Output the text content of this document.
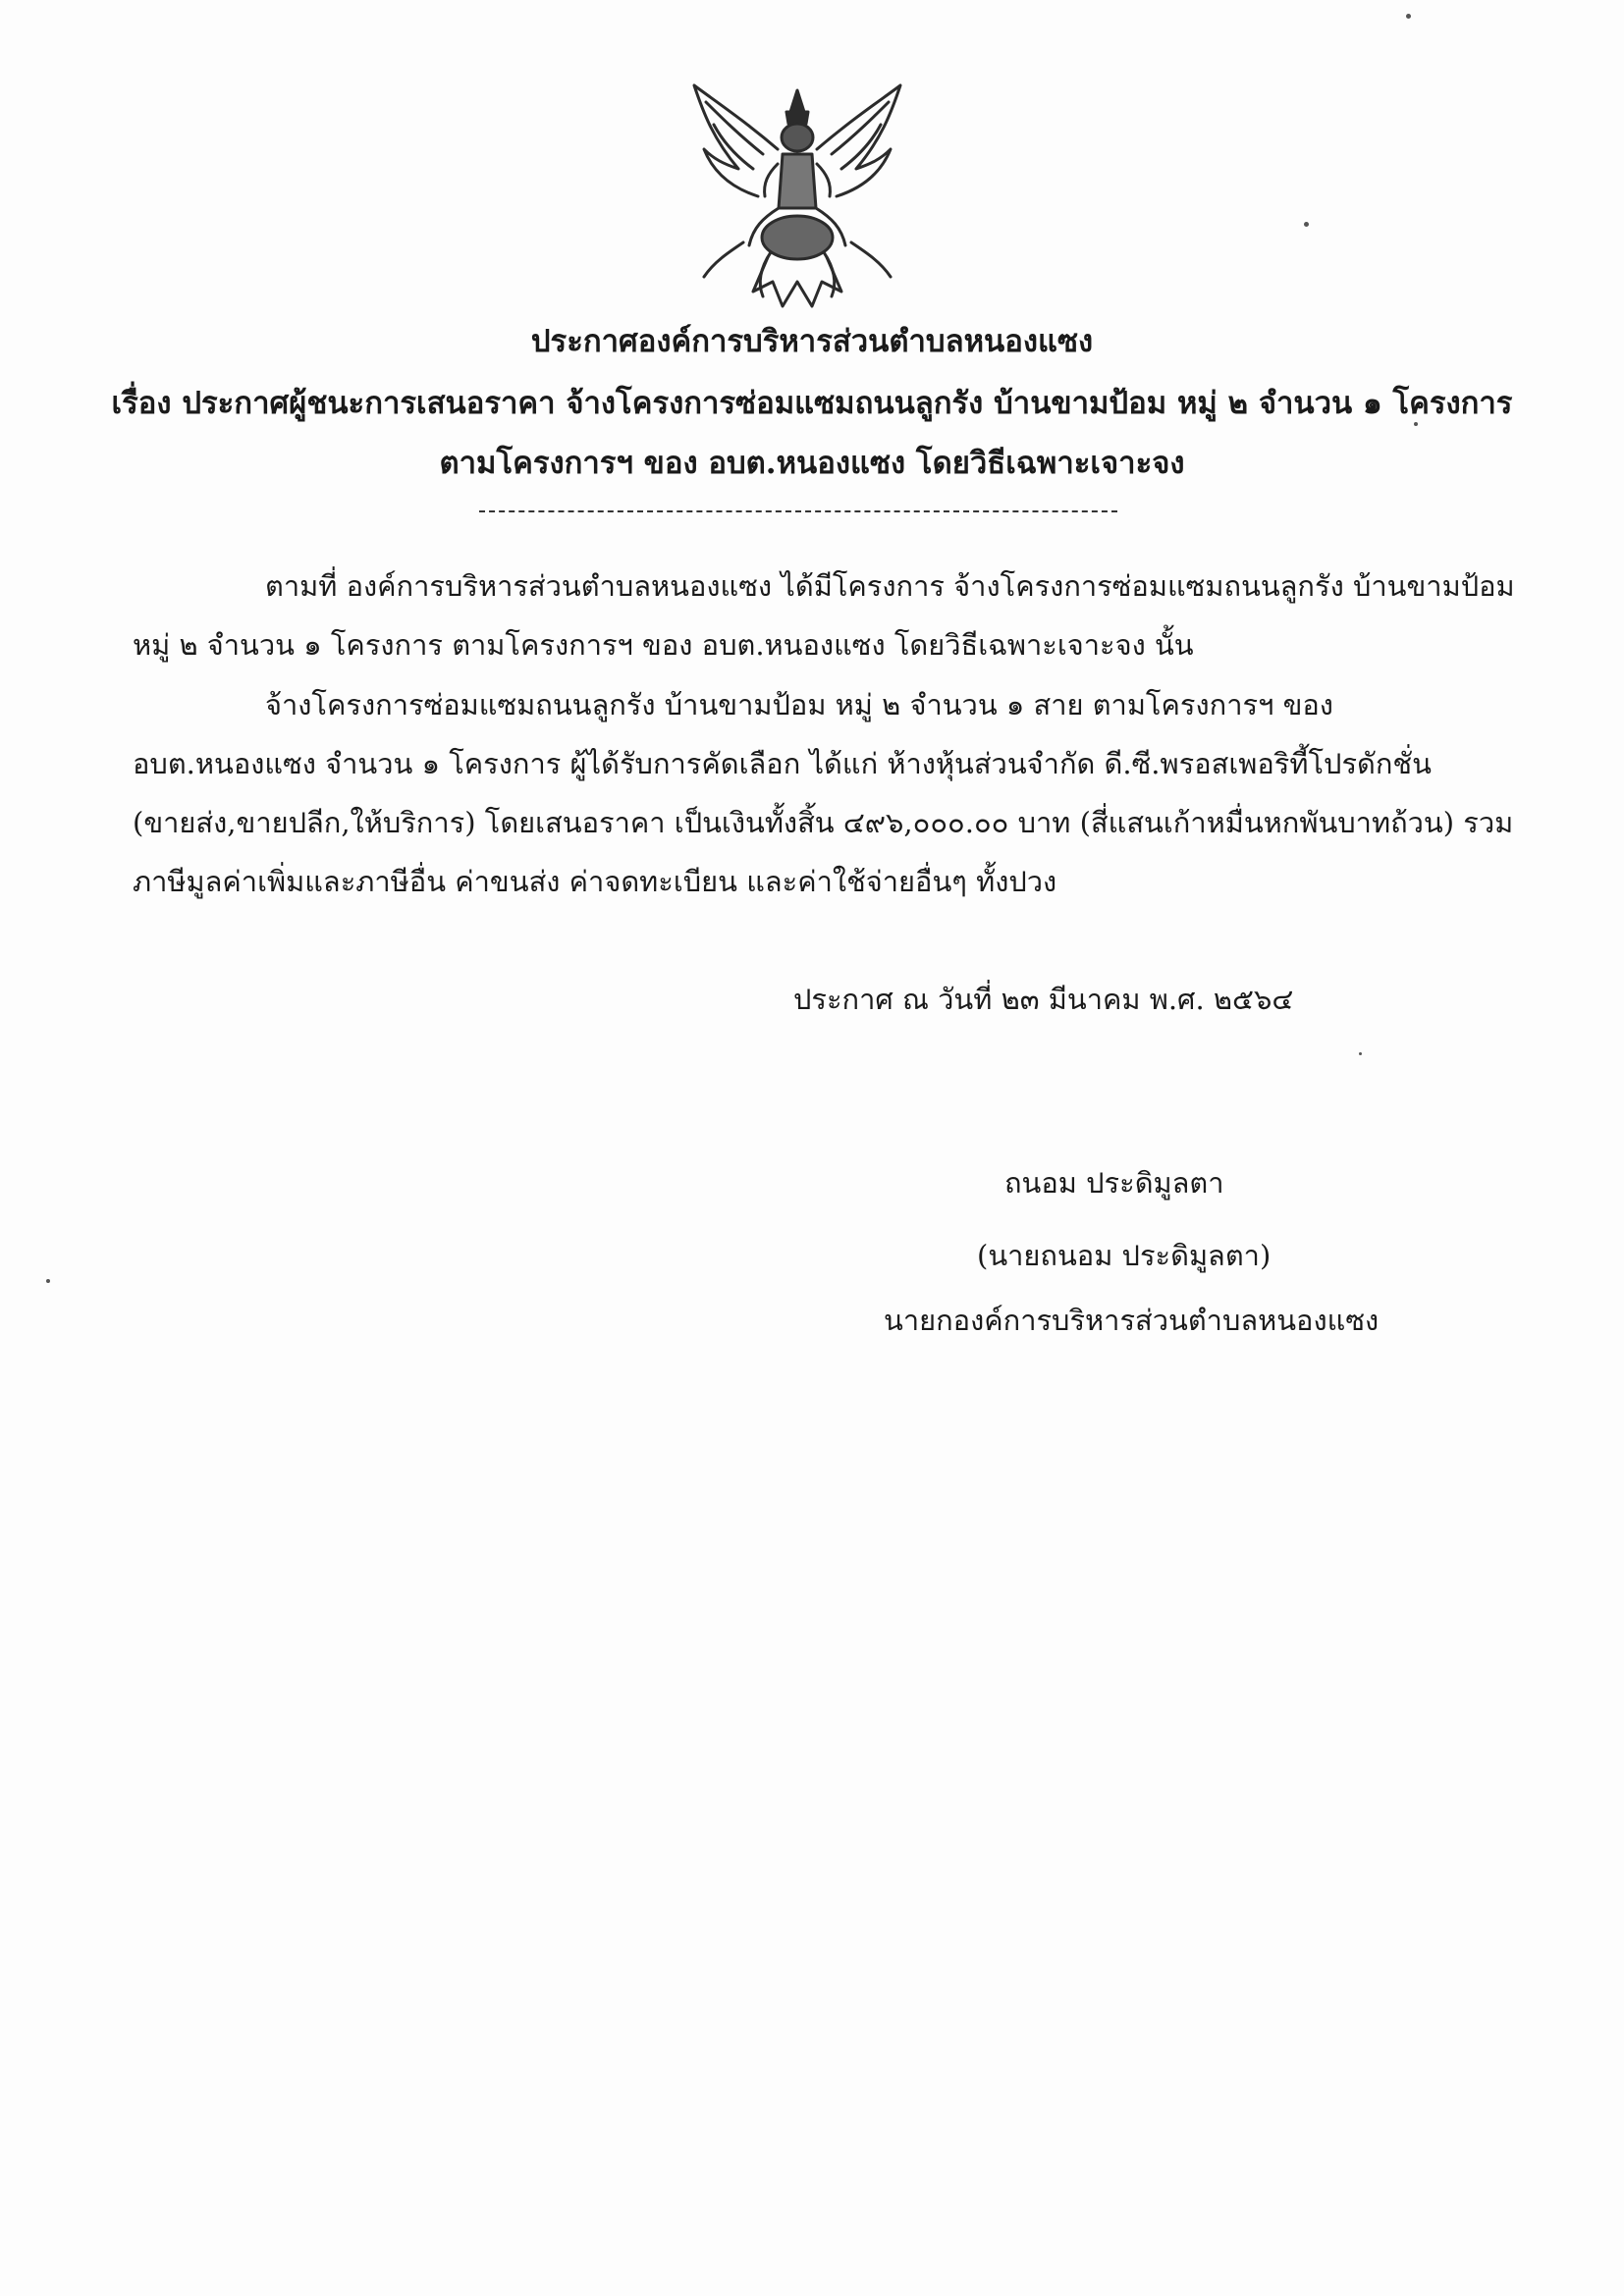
ประกาศองค์การบริหารส่วนตำบลหนองแซง
เรื่อง ประกาศผู้ชนะการเสนอราคา จ้างโครงการซ่อมแซมถนนลูกรัง บ้านขามป้อม หมู่ ๒ จำนวน ๑ โครงการ
ตามโครงการฯ ของ อบต.หนองแซง โดยวิธีเฉพาะเจาะจง
ตามที่ องค์การบริหารส่วนตำบลหนองแซง ได้มีโครงการ จ้างโครงการซ่อมแซมถนนลูกรัง บ้านขามป้อม
หมู่ ๒ จำนวน ๑ โครงการ ตามโครงการฯ ของ อบต.หนองแซง โดยวิธีเฉพาะเจาะจง นั้น
จ้างโครงการซ่อมแซมถนนลูกรัง บ้านขามป้อม หมู่ ๒ จำนวน ๑ สาย ตามโครงการฯ ของ
อบต.หนองแซง จำนวน ๑ โครงการ ผู้ได้รับการคัดเลือก ได้แก่ ห้างหุ้นส่วนจำกัด ดี.ซี.พรอสเพอริที้โปรดักชั่น
(ขายส่ง,ขายปลีก,ให้บริการ) โดยเสนอราคา เป็นเงินทั้งสิ้น ๔๙๖,๐๐๐.๐๐ บาท (สี่แสนเก้าหมื่นหกพันบาทถ้วน) รวม
ภาษีมูลค่าเพิ่มและภาษีอื่น ค่าขนส่ง ค่าจดทะเบียน และค่าใช้จ่ายอื่นๆ ทั้งปวง
ประกาศ ณ วันที่ ๒๓ มีนาคม พ.ศ. ๒๕๖๔
ถนอม ประดิมูลตา
(นายถนอม ประดิมูลตา)
นายกองค์การบริหารส่วนตำบลหนองแซง
